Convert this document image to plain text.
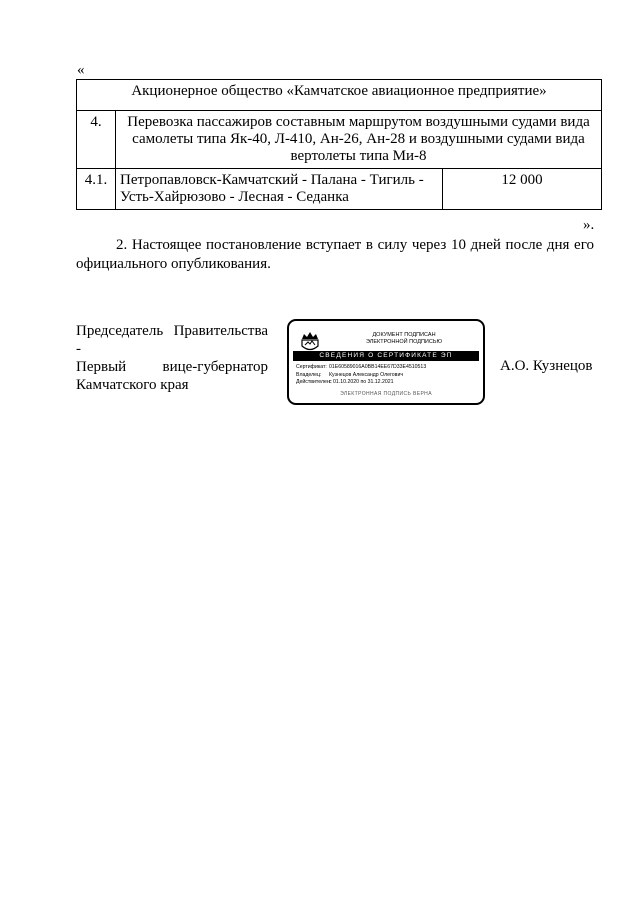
«
Акционерное общество «Камчатское авиационное предприятие»		
4.	Перевозка пассажиров составным маршрутом воздушными судами вида самолеты типа Як-40, Л-410, Ан-26, Ан-28 и воздушными судами вида вертолеты типа Ми-8	
4.1.	Петропавловск-Камчатский - Палана - Тигиль -
Усть-Хайрюзово - Лесная - Седанка	12 000
».
2. Настоящее постановление вступает в силу через 10 дней после дня его официального опубликования.
Председатель Правительства -
Первый вице-губернатор
Камчатского края
ДОКУМЕНТ ПОДПИСАН
ЭЛЕКТРОННОЙ ПОДПИСЬЮ
СВЕДЕНИЯ О СЕРТИФИКАТЕ ЭП
Сертификат: 01E60589016A0BB14EE67D33E4510513
Владелец:	Кузнецов Александр Олегович
Действителен:
с 01.10.2020 по 31.12.2021
ЭЛЕКТРОННАЯ ПОДПИСЬ ВЕРНА
А.О. Кузнецов
